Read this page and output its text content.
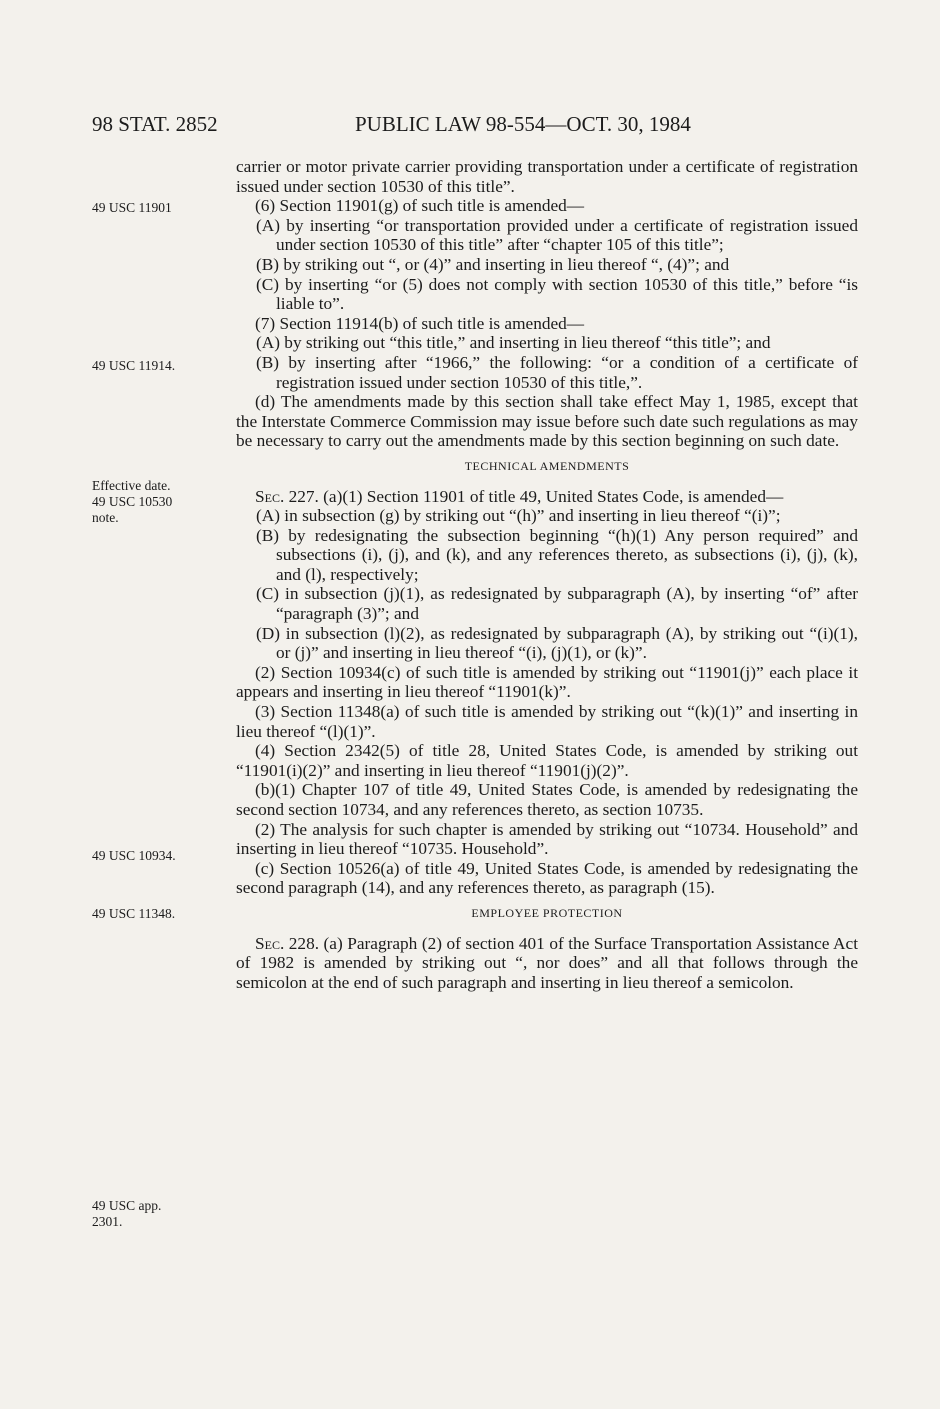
98 STAT. 2852	PUBLIC LAW 98-554—OCT. 30, 1984
49 USC 11901
49 USC 11914.
Effective date.
49 USC 10530
note.
49 USC 10934.
49 USC 11348.
49 USC app.
2301.

carrier or motor private carrier providing transportation under a certificate of registration issued under section 10530 of this title”.

(6) Section 11901(g) of such title is amended—

(A) by inserting “or transportation provided under a certificate of registration issued under section 10530 of this title” after “chapter 105 of this title”;

(B) by striking out “, or (4)” and inserting in lieu thereof “, (4)”; and

(C) by inserting “or (5) does not comply with section 10530 of this title,” before “is liable to”.

(7) Section 11914(b) of such title is amended—

(A) by striking out “this title,” and inserting in lieu thereof “this title”; and

(B) by inserting after “1966,” the following: “or a condition of a certificate of registration issued under section 10530 of this title,”.

(d) The amendments made by this section shall take effect May 1, 1985, except that the Interstate Commerce Commission may issue before such date such regulations as may be necessary to carry out the amendments made by this section beginning on such date.

TECHNICAL AMENDMENTS

Sec. 227. (a)(1) Section 11901 of title 49, United States Code, is amended—

(A) in subsection (g) by striking out “(h)” and inserting in lieu thereof “(i)”;

(B) by redesignating the subsection beginning “(h)(1) Any person required” and subsections (i), (j), and (k), and any references thereto, as subsections (i), (j), (k), and (l), respectively;

(C) in subsection (j)(1), as redesignated by subparagraph (A), by inserting “of” after “paragraph (3)”; and

(D) in subsection (l)(2), as redesignated by subparagraph (A), by striking out “(i)(1), or (j)” and inserting in lieu thereof “(i), (j)(1), or (k)”.

(2) Section 10934(c) of such title is amended by striking out “11901(j)” each place it appears and inserting in lieu thereof “11901(k)”.

(3) Section 11348(a) of such title is amended by striking out “(k)(1)” and inserting in lieu thereof “(l)(1)”.

(4) Section 2342(5) of title 28, United States Code, is amended by striking out “11901(i)(2)” and inserting in lieu thereof “11901(j)(2)”.

(b)(1) Chapter 107 of title 49, United States Code, is amended by redesignating the second section 10734, and any references thereto, as section 10735.

(2) The analysis for such chapter is amended by striking out “10734. Household” and inserting in lieu thereof “10735. Household”.

(c) Section 10526(a) of title 49, United States Code, is amended by redesignating the second paragraph (14), and any references thereto, as paragraph (15).

EMPLOYEE PROTECTION

Sec. 228. (a) Paragraph (2) of section 401 of the Surface Transportation Assistance Act of 1982 is amended by striking out “, nor does” and all that follows through the semicolon at the end of such paragraph and inserting in lieu thereof a semicolon.
